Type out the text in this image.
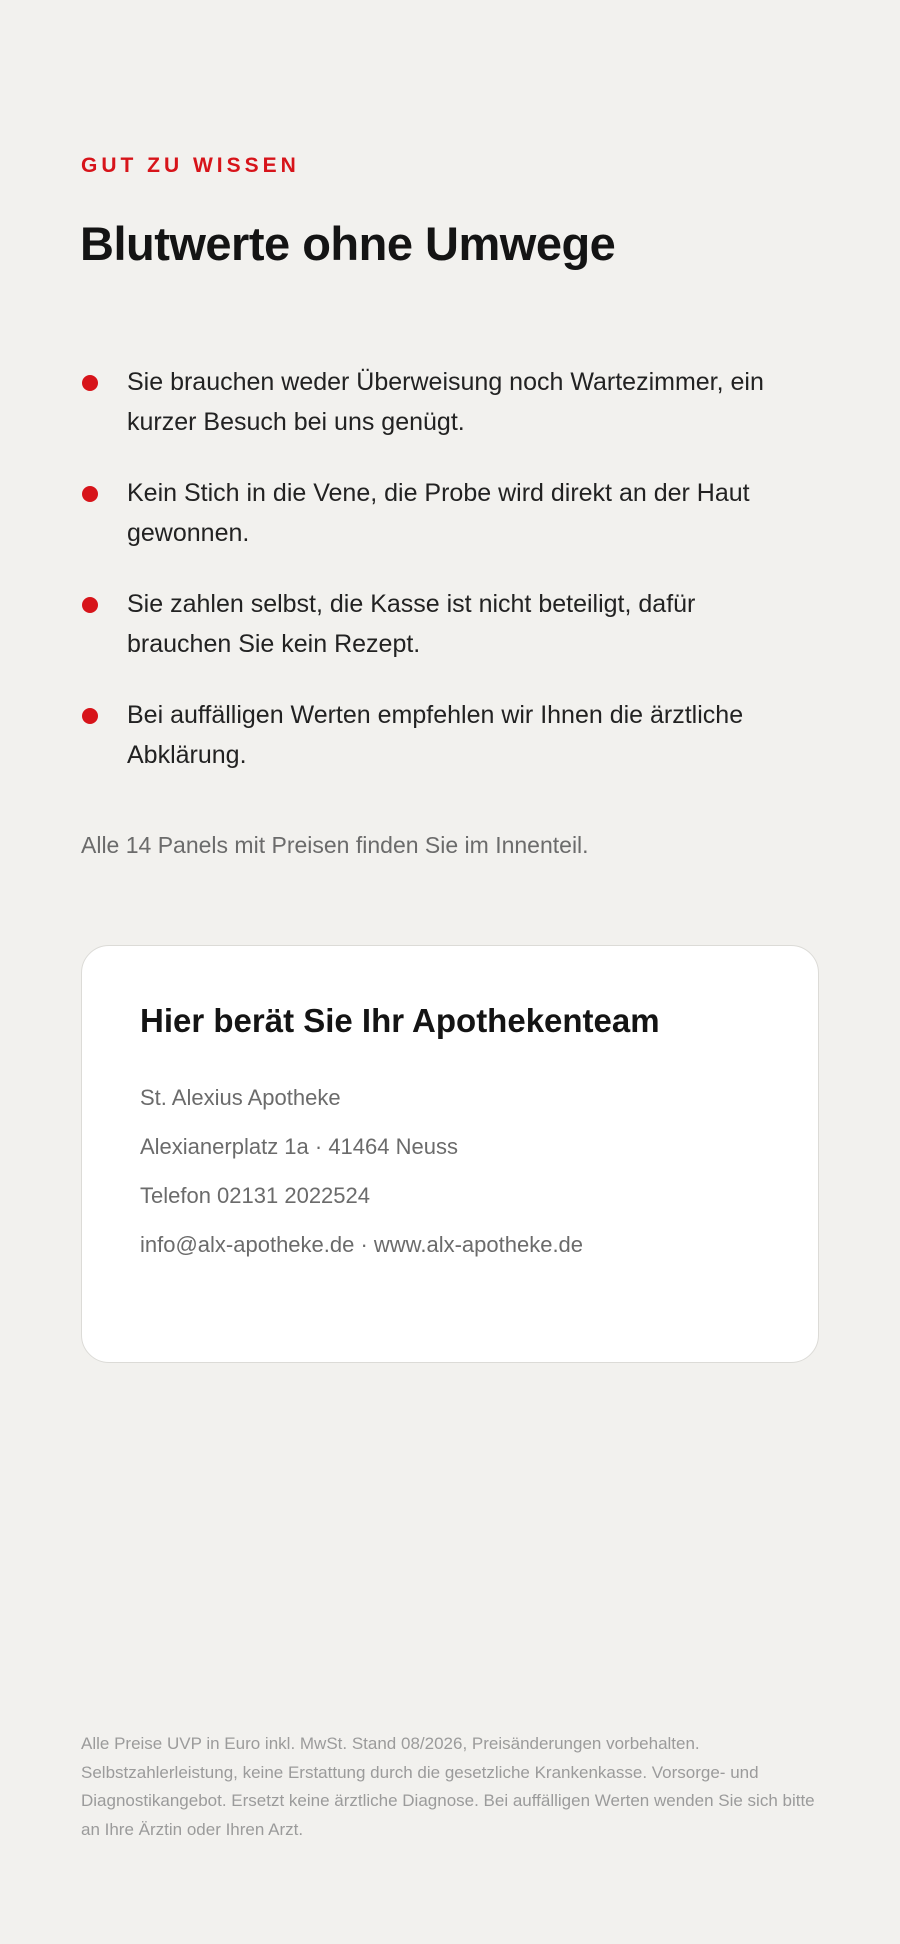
GUT ZU WISSEN
Blutwerte ohne Umwege
Sie brauchen weder Überweisung noch Wartezimmer, ein kurzer Besuch bei uns genügt.
Kein Stich in die Vene, die Probe wird direkt an der Haut gewonnen.
Sie zahlen selbst, die Kasse ist nicht beteiligt, dafür brauchen Sie kein Rezept.
Bei auffälligen Werten empfehlen wir Ihnen die ärztliche Abklärung.

Alle 14 Panels mit Preisen finden Sie im Innenteil.

Hier berät Sie Ihr Apothekenteam
St. Alexius Apotheke
Alexianerplatz 1a · 41464 Neuss
Telefon 02131 2022524
info@alx-apotheke.de · www.alx-apotheke.de

Alle Preise UVP in Euro inkl. MwSt. Stand 08/2026, Preisänderungen vorbehalten. Selbstzahlerleistung, keine Erstattung durch die gesetzliche Krankenkasse. Vorsorge- und Diagnostikangebot. Ersetzt keine ärztliche Diagnose. Bei auffälligen Werten wenden Sie sich bitte an Ihre Ärztin oder Ihren Arzt.
